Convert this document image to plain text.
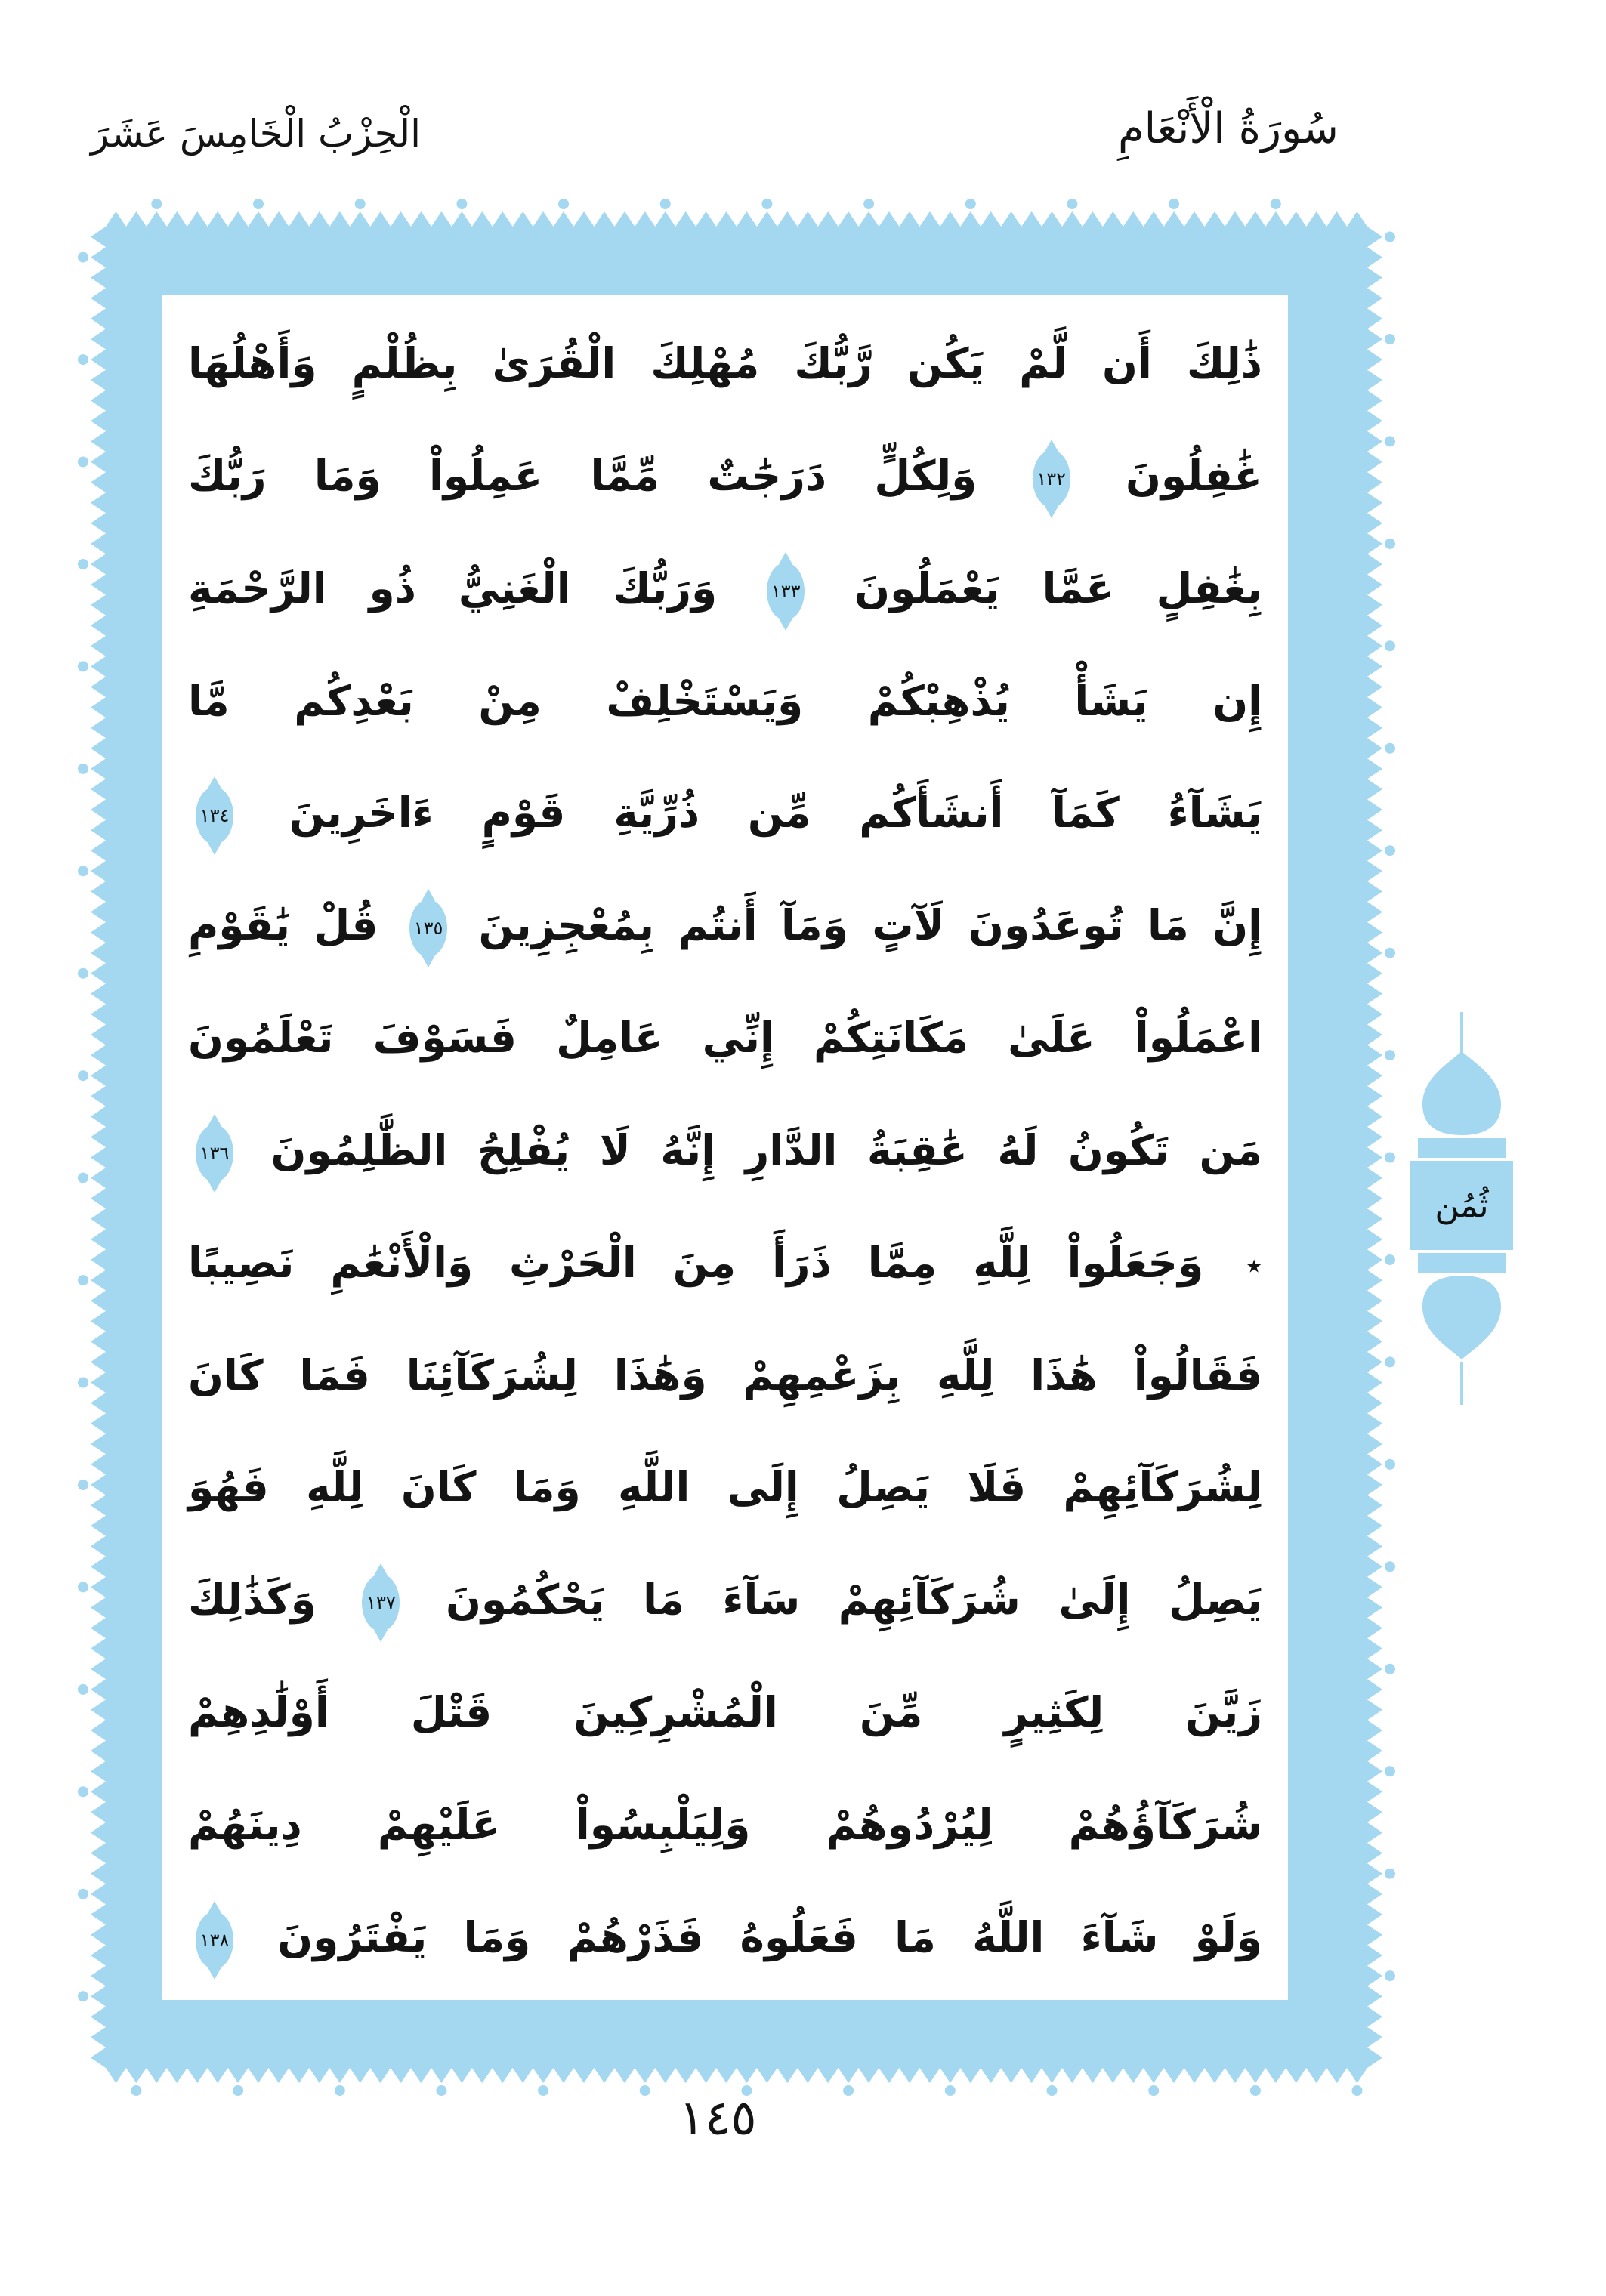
سُورَةُ الْأَنْعَامِ
الْحِزْبُ الْخَامِسَ عَشَرَ
ذَٰلِكَ أَن لَّمْ يَكُن رَّبُّكَ مُهْلِكَ الْقُرَىٰ بِظُلْمٍ وَأَهْلُهَا
غَٰفِلُونَ ١٣٢ وَلِكُلٍّ دَرَجَٰتٌ مِّمَّا عَمِلُواْ وَمَا رَبُّكَ
بِغَٰفِلٍ عَمَّا يَعْمَلُونَ ١٣٣ وَرَبُّكَ الْغَنِيُّ ذُو الرَّحْمَةِ
إِن يَشَأْ يُذْهِبْكُمْ وَيَسْتَخْلِفْ مِنْ بَعْدِكُم مَّا
يَشَآءُ كَمَآ أَنشَأَكُم مِّن ذُرِّيَّةِ قَوْمٍ ءَاخَرِينَ ١٣٤
إِنَّ مَا تُوعَدُونَ لَآتٍ وَمَآ أَنتُم بِمُعْجِزِينَ ١٣٥ قُلْ يَٰقَوْمِ
اعْمَلُواْ عَلَىٰ مَكَانَتِكُمْ إِنِّي عَامِلٌ فَسَوْفَ تَعْلَمُونَ
مَن تَكُونُ لَهُ عَٰقِبَةُ الدَّارِ إِنَّهُ لَا يُفْلِحُ الظَّٰلِمُونَ ١٣٦
٭ وَجَعَلُواْ لِلَّهِ مِمَّا ذَرَأَ مِنَ الْحَرْثِ وَالْأَنْعَٰمِ نَصِيبًا
فَقَالُواْ هَٰذَا لِلَّهِ بِزَعْمِهِمْ وَهَٰذَا لِشُرَكَآئِنَا فَمَا كَانَ
لِشُرَكَآئِهِمْ فَلَا يَصِلُ إِلَى اللَّهِ وَمَا كَانَ لِلَّهِ فَهُوَ
يَصِلُ إِلَىٰ شُرَكَآئِهِمْ سَآءَ مَا يَحْكُمُونَ ١٣٧ وَكَذَٰلِكَ
زَيَّنَ لِكَثِيرٍ مِّنَ الْمُشْرِكِينَ قَتْلَ أَوْلَٰدِهِمْ
شُرَكَآؤُهُمْ لِيُرْدُوهُمْ وَلِيَلْبِسُواْ عَلَيْهِمْ دِينَهُمْ
وَلَوْ شَآءَ اللَّهُ مَا فَعَلُوهُ فَذَرْهُمْ وَمَا يَفْتَرُونَ ١٣٨
ثُمُن
١٤٥
